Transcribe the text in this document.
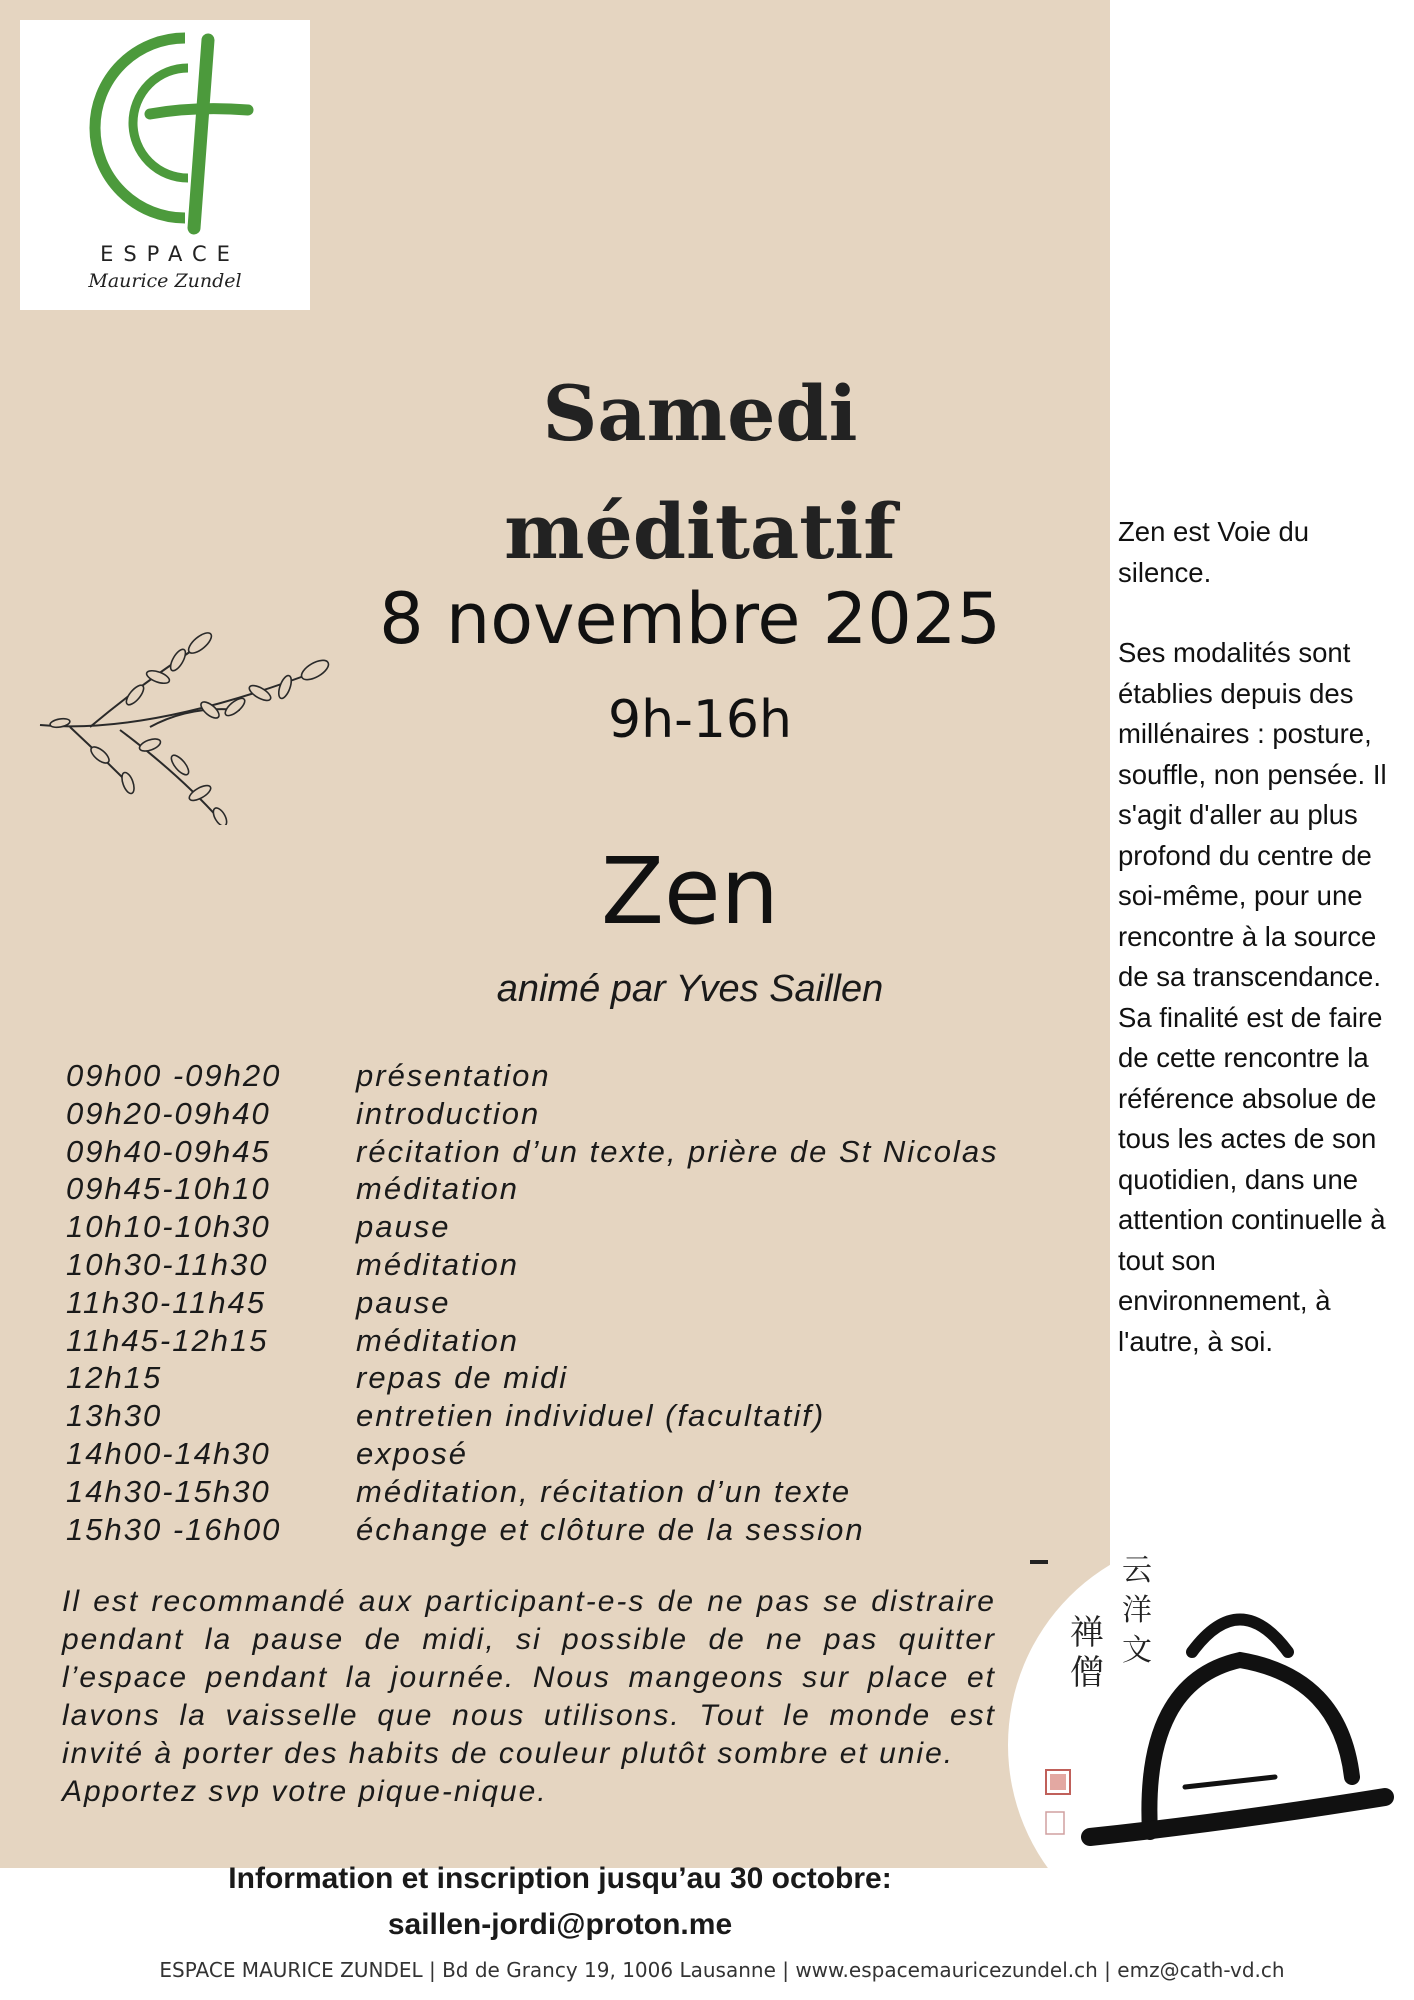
ESPACE
Maurice Zundel
Samedi
méditatif
8 novembre 2025
9h-16h
Zen
animé par Yves Saillen
09h00 -09h20 présentation
09h20-09h40	introduction
09h40-09h45	récitation d’un texte, prière de St Nicolas
09h45-10h10	méditation
10h10-10h30	pause
10h30-11h30	méditation
11h30-11h45	pause
11h45-12h15	méditation
12h15	repas de midi
13h30	entretien individuel (facultatif)
14h00-14h30	exposé
14h30-15h30	méditation, récitation d’un texte
15h30 -16h00 échange et clôture de la session

Il est recommandé aux participant-e-s de ne pas se distraire pendant la pause de midi, si possible de ne pas quitter l’espace pendant la journée. Nous mangeons sur place et lavons la vaisselle que nous utilisons. Tout le monde est invité à porter des habits de couleur plutôt sombre et unie.

Apportez svp votre pique-nique.

Zen est Voie du silence.

Ses modalités sont établies depuis des millénaires : posture, souffle, non pensée. Il s'agit d'aller au plus profond du centre de soi-même, pour une rencontre à la source de sa transcendance. Sa finalité est de faire de cette rencontre la référence absolue de tous les actes de son quotidien, dans une attention continuelle à tout son environnement, à l'autre, à soi.

云
洋
文
禅
僧
Information et inscription jusqu’au 30 octobre:
saillen-jordi@proton.me
ESPACE MAURICE ZUNDEL | Bd de Grancy 19, 1006 Lausanne | www.espacemauricezundel.ch | emz@cath-vd.ch
